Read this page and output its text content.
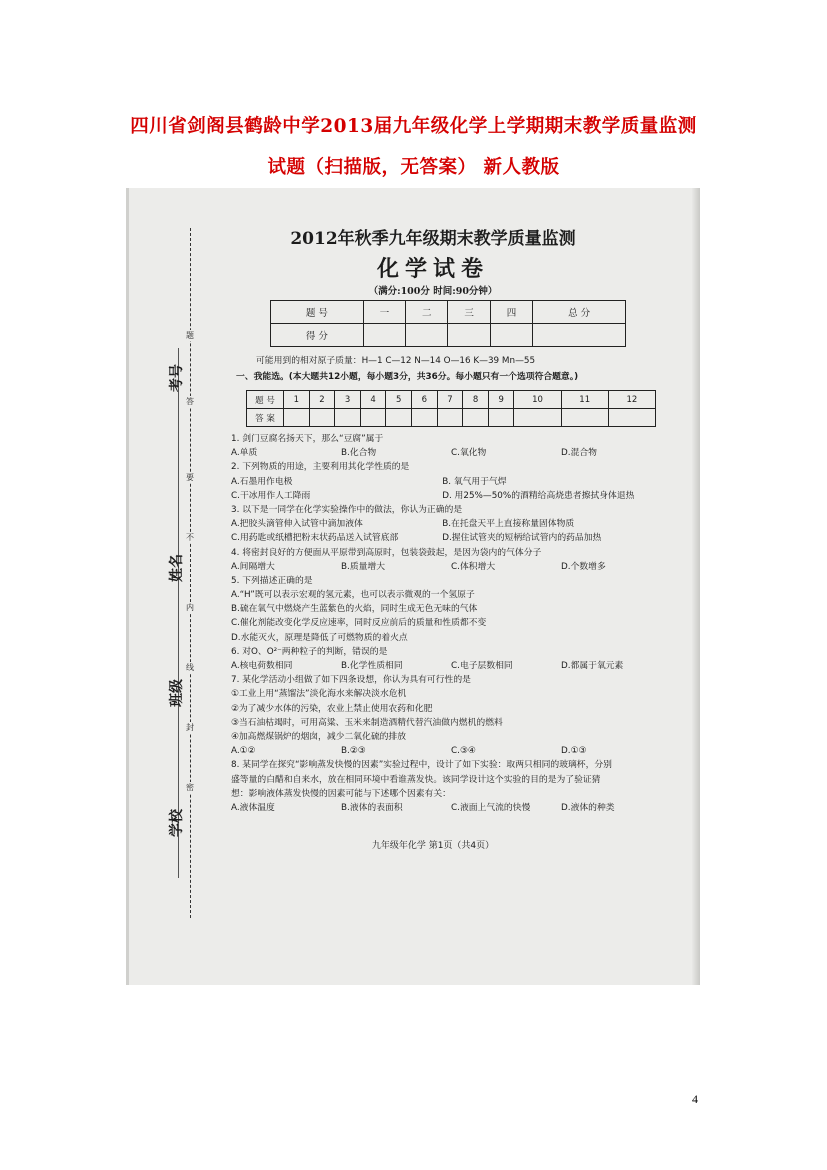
四川省剑阁县鹤龄中学2013届九年级化学上学期期末教学质量监测
试题（扫描版，无答案） 新人教版
考号
姓名
班级
学校
题
答
要
不
内
线
封
密
2012年秋季九年级期末教学质量监测
化学试卷
（满分:100分 时间:90分钟）
题 号	一	二	三	四	总 分
得 分					
可能用到的相对原子质量：H—1 C—12 N—14 O—16 K—39 Mn—55
一、我能选。(本大题共12小题，每小题3分，共36分。每小题只有一个选项符合题意。)
题 号	1	2	3	4	5	6	7	8	9	10	11	12
答 案												
1. 剑门豆腐名扬天下，那么“豆腐”属于
A.单质	B.化合物	C.氧化物	D.混合物
2. 下列物质的用途，主要利用其化学性质的是
A.石墨用作电极	B. 氧气用于气焊
C.干冰用作人工降雨	D. 用25%—50%的酒精给高烧患者擦拭身体退热
3. 以下是一同学在化学实验操作中的做法，你认为正确的是
A.把胶头滴管伸入试管中滴加液体	B.在托盘天平上直接称量固体物质
C.用药匙或纸槽把粉末状药品送入试管底部	D.握住试管夹的短柄给试管内的药品加热
4. 将密封良好的方便面从平原带到高原时，包装袋鼓起，是因为袋内的气体分子
A.间隔增大	B.质量增大	C.体积增大	D.个数增多
5. 下列描述正确的是
A.“H”既可以表示宏观的氢元素，也可以表示微观的一个氢原子
B.硫在氧气中燃烧产生蓝紫色的火焰，同时生成无色无味的气体
C.催化剂能改变化学反应速率，同时反应前后的质量和性质都不变
D.水能灭火，原理是降低了可燃物质的着火点
6. 对O、O²⁻两种粒子的判断，错误的是
A.核电荷数相同	B.化学性质相同	C.电子层数相同	D.都属于氧元素
7. 某化学活动小组做了如下四条设想，你认为具有可行性的是
①工业上用“蒸馏法”淡化海水来解决淡水危机
②为了减少水体的污染，农业上禁止使用农药和化肥
③当石油枯竭时，可用高粱、玉米来制造酒精代替汽油做内燃机的燃料
④加高燃煤锅炉的烟囱，减少二氧化硫的排放
A.①②	B.②③	C.③④	D.①③
8. 某同学在探究“影响蒸发快慢的因素”实验过程中，设计了如下实验：取两只相同的玻璃杯，分别
盛等量的白醋和自来水，放在相同环境中看谁蒸发快。该同学设计这个实验的目的是为了验证猜
想：影响液体蒸发快慢的因素可能与下述哪个因素有关：
A.液体温度	B.液体的表面积	C.液面上气流的快慢	D.液体的种类
九年级年化学 第1页（共4页）
4
